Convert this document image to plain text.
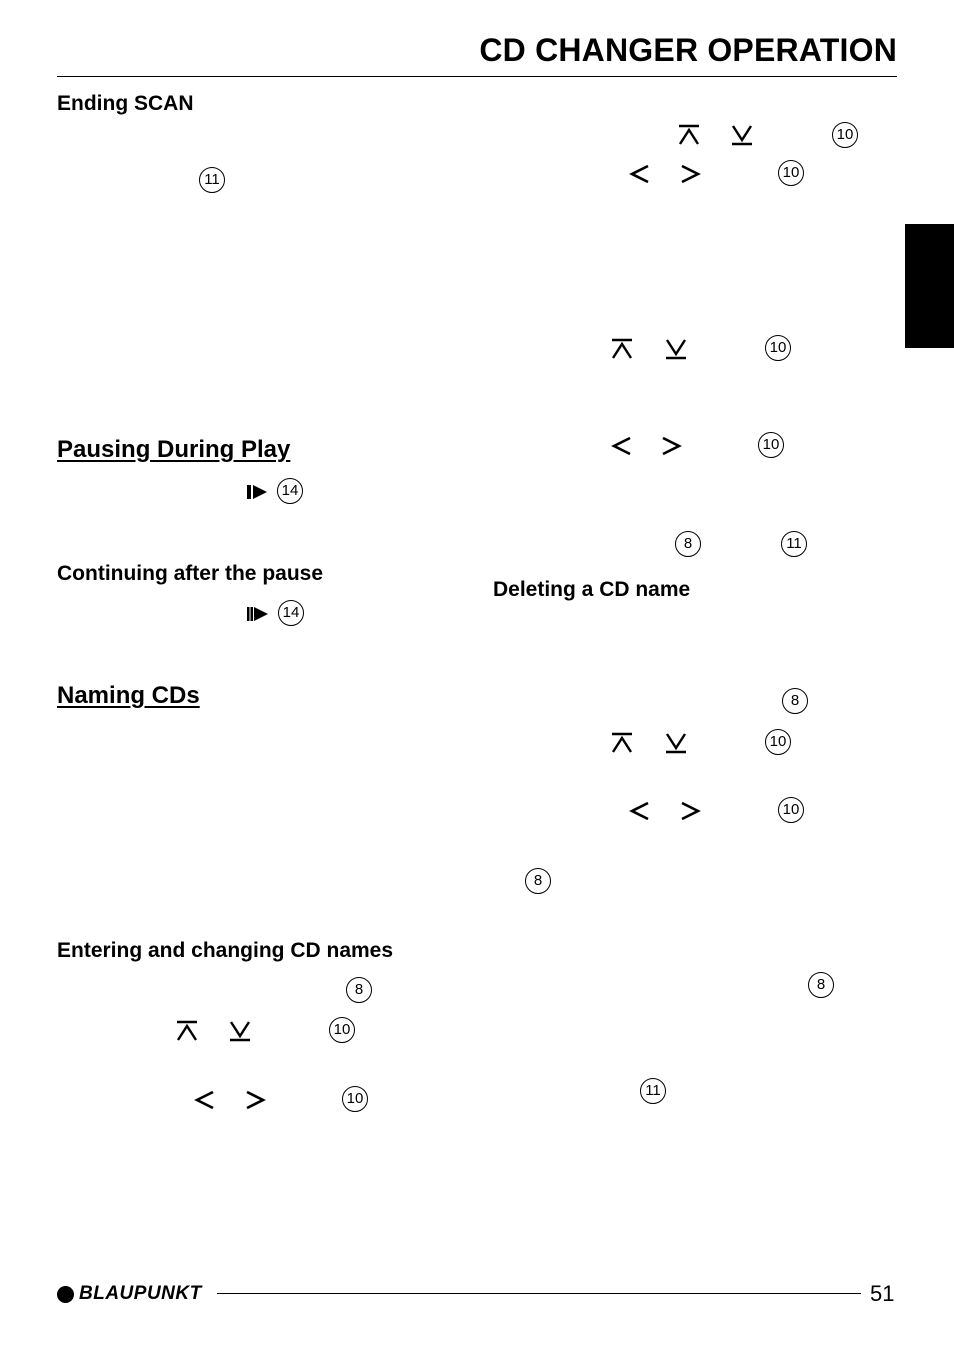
CD CHANGER OPERATION
Ending SCAN
Pausing During Play
Continuing after the pause
Naming CDs
Entering and changing CD names
Deleting a CD name
11
14
14
8
10
10
10
10
10
10
8	11
8
10
10
8
8
11
BLAUPUNKT	51
